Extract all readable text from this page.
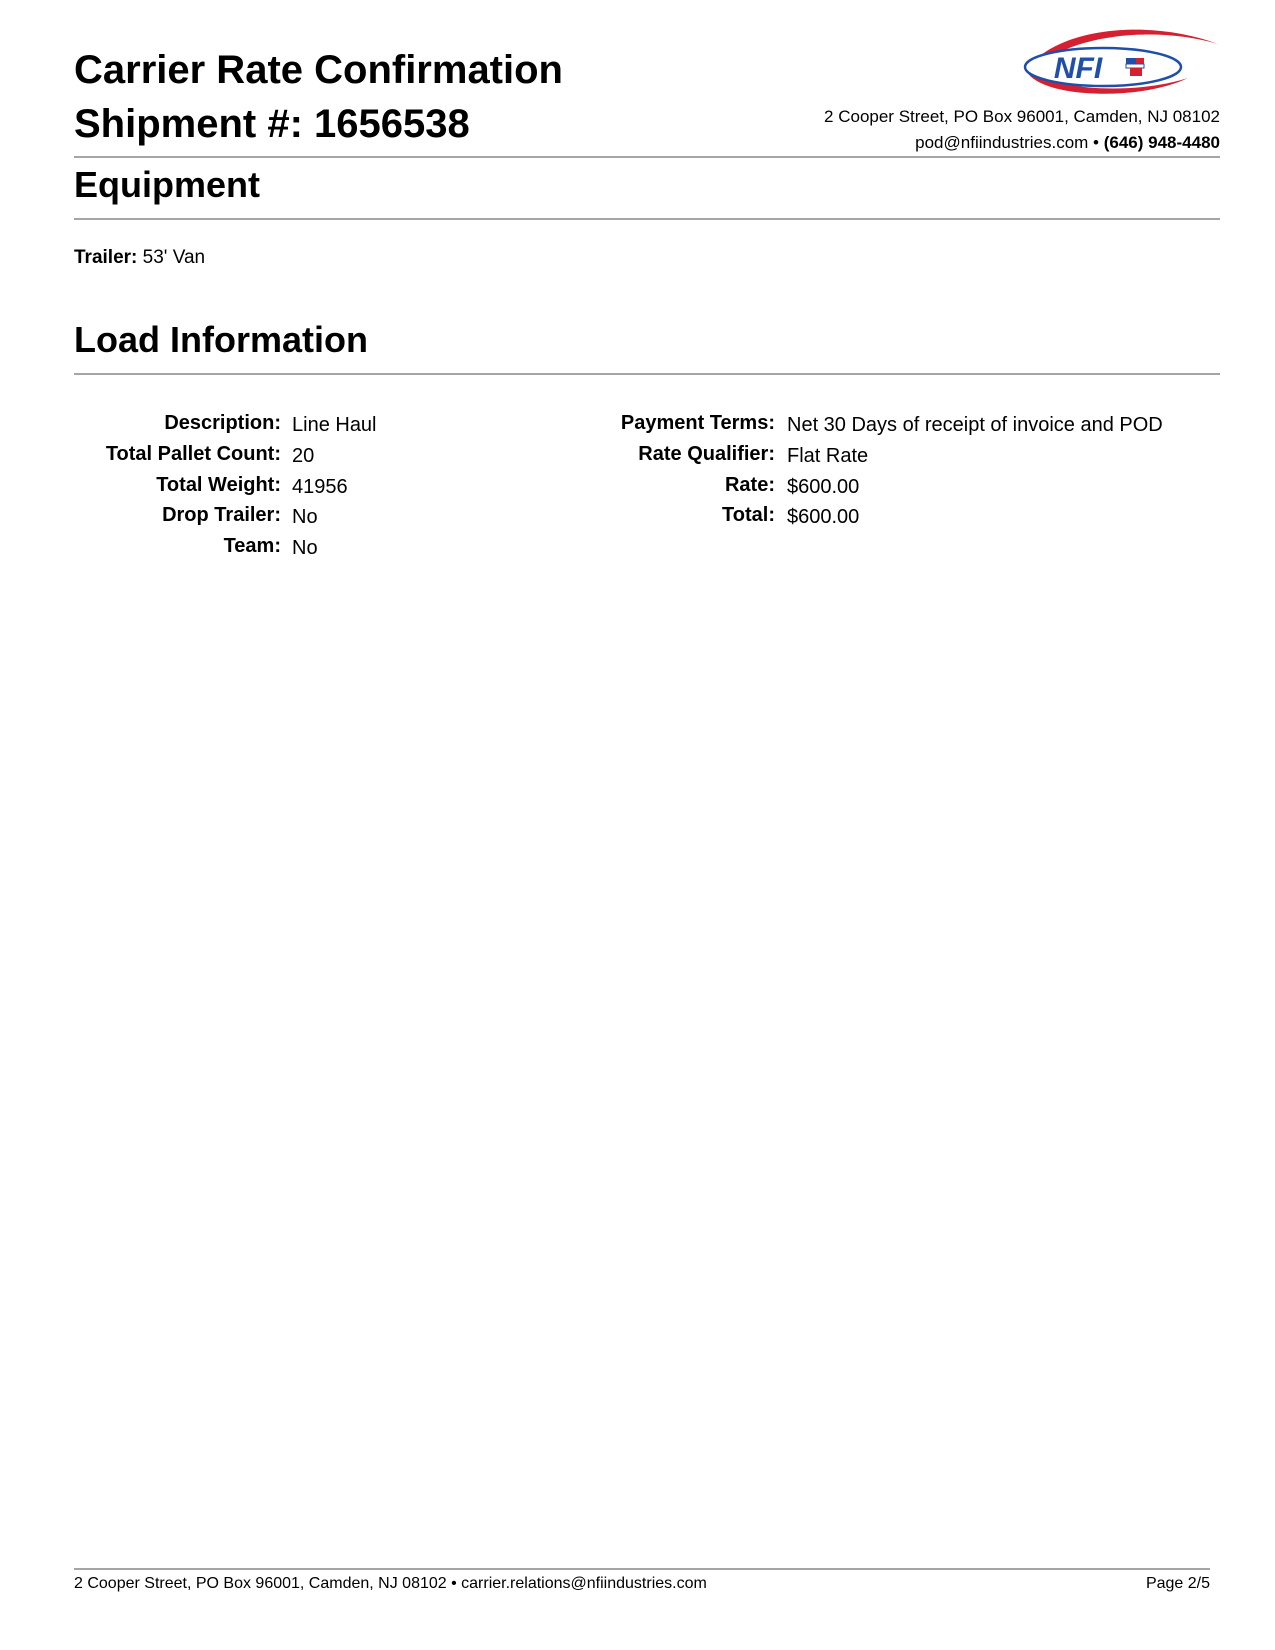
Carrier Rate Confirmation
Shipment #: 1656538
NFI
2 Cooper Street, PO Box 96001, Camden, NJ 08102
pod@nfiindustries.com • (646) 948-4480
Equipment
Trailer: 53' Van
Load Information
Description:
Total Pallet Count:
Total Weight:
Drop Trailer:
Team:
Line Haul
20
41956
No
No
Payment Terms:
Rate Qualifier:
Rate:
Total:
Net 30 Days of receipt of invoice and POD
Flat Rate
$600.00
$600.00
2 Cooper Street, PO Box 96001, Camden, NJ 08102 • carrier.relations@nfiindustries.com	Page 2/5
